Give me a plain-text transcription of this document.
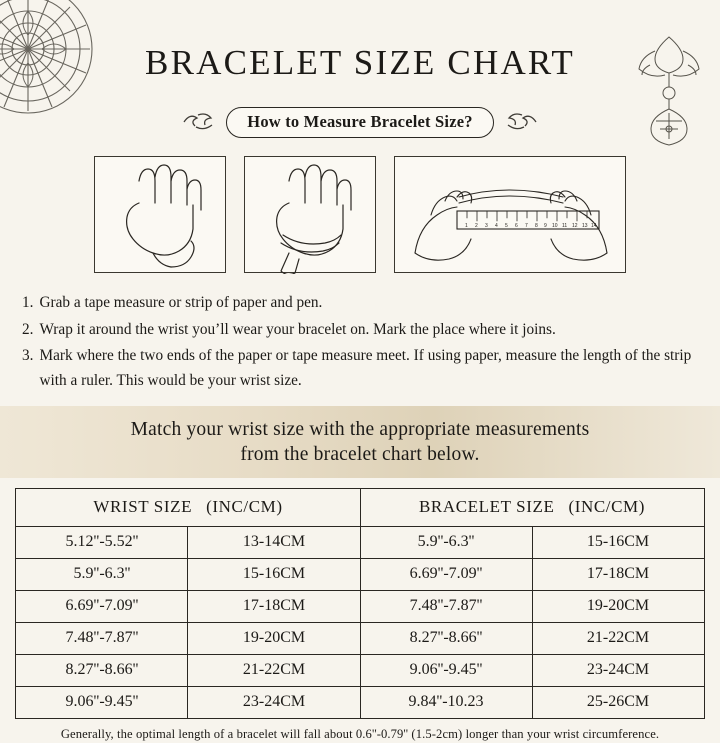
BRACELET SIZE CHART
How to Measure Bracelet Size?
1 2 3 4 5 6 7 8 9 10 11 12 13 14
1. Grab a tape measure or strip of paper and pen.
2. Wrap it around the wrist you’ll wear your bracelet on. Mark the place where it joins.
3. Mark where the two ends of the paper or tape measure meet. If using paper, measure the length of the strip with a ruler. This would be your wrist size.
Match your wrist size with the appropriate measurements
from the bracelet chart below.
WRIST SIZE (INC/CM)		BRACELET SIZE (INC/CM)	

5.12''-5.52''	13-14CM	5.9''-6.3''	15-16CM
5.9''-6.3''	15-16CM	6.69''-7.09''	17-18CM
6.69''-7.09''	17-18CM	7.48''-7.87''	19-20CM
7.48''-7.87''	19-20CM	8.27''-8.66''	21-22CM
8.27''-8.66''	21-22CM	9.06''-9.45''	23-24CM
9.06''-9.45''	23-24CM	9.84''-10.23	25-26CM
Generally, the optimal length of a bracelet will fall about 0.6''-0.79'' (1.5-2cm) longer than your wrist circumference.
